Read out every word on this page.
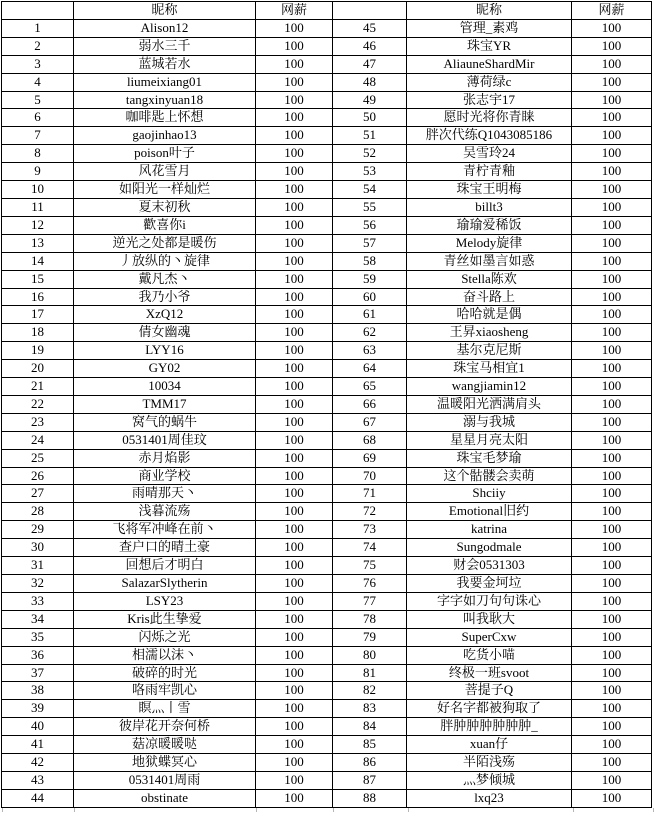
	昵称	网薪		昵称	网薪
1	Alison12	100	45	管理_素鸡	100
2	弱水三千	100	46	珠宝YR	100
3	蓝城若水	100	47	AliauneShardMir	100
4	liumeixiang01	100	48	薄荷绿c	100
5	tangxinyuan18	100	49	张志宇17	100
6	咖啡匙上怀想	100	50	愿时光将你青睐	100
7	gaojinhao13	100	51	胖次代练Q1043085186	100
8	poison叶子	100	52	吴雪玲24	100
9	风花雪月	100	53	青柠青釉	100
10	如阳光一样灿烂	100	54	珠宝王明梅	100
11	夏末初秋	100	55	billt3	100
12	歡喜你i	100	56	瑜瑜爱稀饭	100
13	逆光之处都是暖伤	100	57	Melody旋律	100
14	丿放纵的丶旋律	100	58	青丝如墨言如惑	100
15	戴凡杰丶	100	59	Stella陈欢	100
16	我乃小爷	100	60	奋斗路上	100
17	XzQ12	100	61	哈哈就是偶	100
18	倩女幽魂	100	62	王昇xiaosheng	100
19	LYY16	100	63	基尔克尼斯	100
20	GY02	100	64	珠宝马相宜1	100
21	10034	100	65	wangjiamin12	100
22	TMM17	100	66	温暖阳光洒满肩头	100
23	窝气的蜗牛	100	67	溺与我城	100
24	0531401周佳玟	100	68	星星月亮太阳	100
25	赤月焰影	100	69	珠宝毛梦瑜	100
26	商业学校	100	70	这个骷髅会卖萌	100
27	雨晴那天丶	100	71	Shciiy	100
28	浅暮流殇	100	72	Emotional旧约	100
29	飞将军冲峰在前丶	100	73	katrina	100
30	查户口的晴土豪	100	74	Sungodmale	100
31	回想后才明白	100	75	财会0531303	100
32	SalazarSlytherin	100	76	我要金坷垃	100
33	LSY23	100	77	字字如刀句句诛心	100
34	Kris此生挚爱	100	78	叫我耿大	100
35	闪烁之光	100	79	SuperCxw	100
36	相濡以沫丶	100	80	吃货小喵	100
37	破碎的时光	100	81	终极一班svoot	100
38	咯雨牢凯心	100	82	菩提子Q	100
39	瞑灬丨雪	100	83	好名字都被狗取了	100
40	彼岸花开奈何桥	100	84	胖肿肿肿肿肿肿_	100
41	菇凉暖暖哒	100	85	xuan仔	100
42	地狱蝶冥心	100	86	半陌浅殇	100
43	0531401周雨	100	87	灬梦倾城	100
44	obstinate	100	88	lxq23	100
